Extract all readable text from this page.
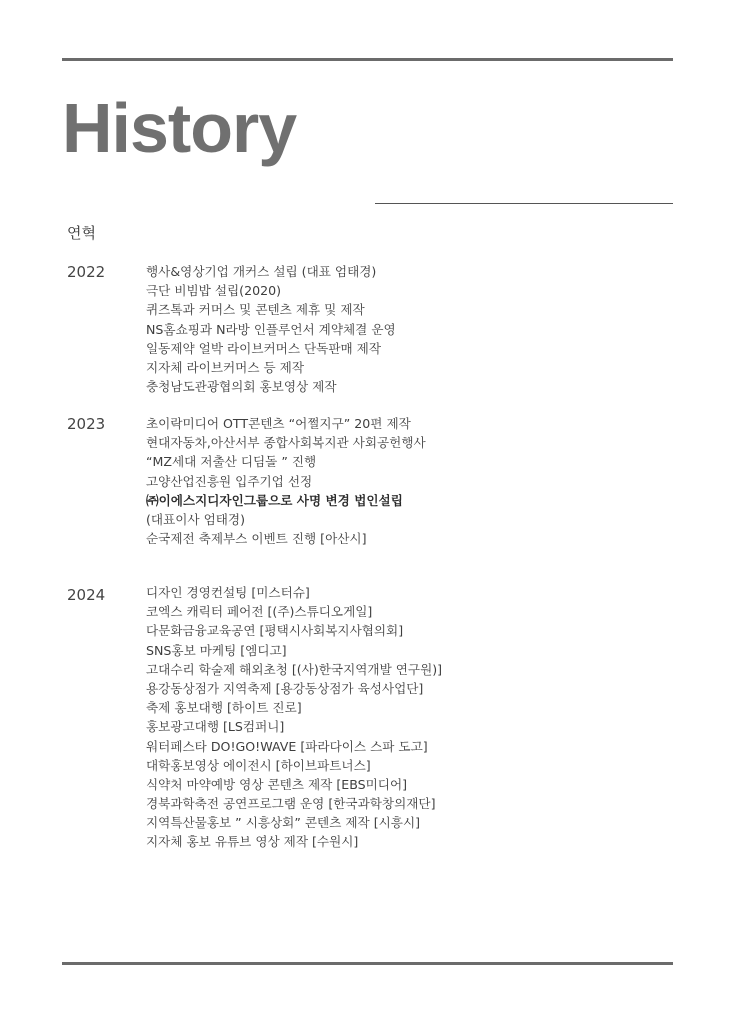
History
연혁
2022	행사&영상기업 개커스 설립 (대표 엄태경)
극단 비빔밥 설립(2020)
퀴즈톡과 커머스 및 콘텐츠 제휴 및 제작
NS홈쇼핑과 N라방 인플루언서 계약체결 운영
일동제약 얼박 라이브커머스 단독판매 제작
지자체 라이브커머스 등 제작
충청남도관광협의회 홍보영상 제작
2023	초이락미디어 OTT콘텐츠 “어쩔지구” 20편 제작
현대자동차,아산서부 종합사회복지관 사회공헌행사
“MZ세대 저출산 디딤돌 ” 진행
고양산업진흥원 입주기업 선정
㈜이에스지디자인그룹으로 사명 변경 법인설립
(대표이사 엄태경)
순국제전 축제부스 이벤트 진행 [아산시]
2024	디자인 경영컨설팅 [미스터슈]
코엑스 캐릭터 페어전 [(주)스튜디오게일]
다문화금융교육공연 [평택시사회복지사협의회]
SNS홍보 마케팅 [엠디고]
고대수리 학술제 해외초청 [(사)한국지역개발 연구원)]
용강동상점가 지역축제 [용강동상점가 육성사업단]
축제 홍보대행 [하이트 진로]
홍보광고대행 [LS컴퍼니]
워터페스타 DO!GO!WAVE [파라다이스 스파 도고]
대학홍보영상 에이전시 [하이브파트너스]
식약처 마약예방 영상 콘텐츠 제작 [EBS미디어]
경북과학축전 공연프로그램 운영 [한국과학창의재단]
지역특산물홍보 ” 시흥상회” 콘텐츠 제작 [시흥시]
지자체 홍보 유튜브 영상 제작 [수원시]
